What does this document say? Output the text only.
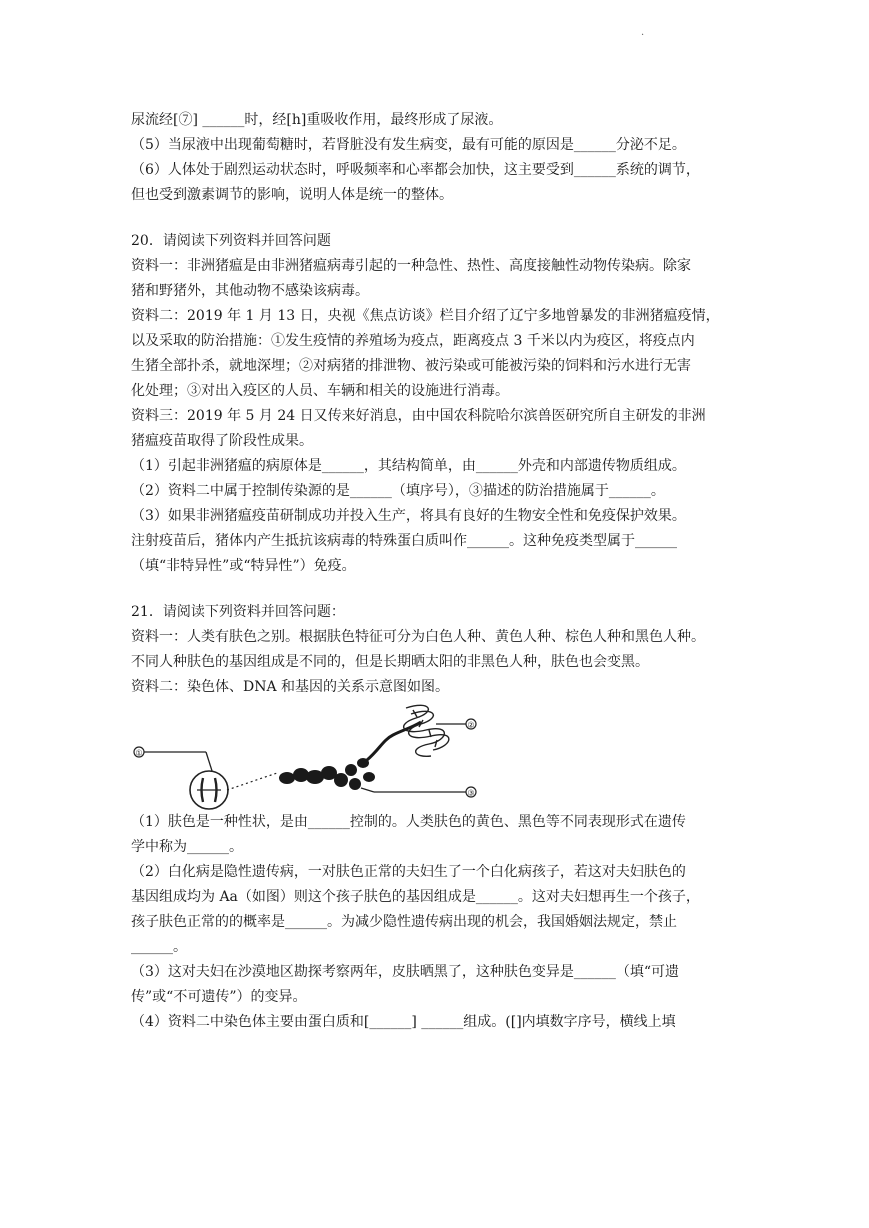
·
尿流经[⑦] ______时，经[h]重吸收作用，最终形成了尿液。
（5）当尿液中出现葡萄糖时，若肾脏没有发生病变，最有可能的原因是______分泌不足。
（6）人体处于剧烈运动状态时，呼吸频率和心率都会加快，这主要受到______系统的调节，
但也受到激素调节的影响，说明人体是统一的整体。
20．请阅读下列资料并回答问题
资料一：非洲猪瘟是由非洲猪瘟病毒引起的一种急性、热性、高度接触性动物传染病。除家
猪和野猪外，其他动物不感染该病毒。
资料二：2019 年 1 月 13 日，央视《焦点访谈》栏目介绍了辽宁多地曾暴发的非洲猪瘟疫情，
以及采取的防治措施：①发生疫情的养殖场为疫点，距离疫点 3 千米以内为疫区，将疫点内
生猪全部扑杀，就地深埋；②对病猪的排泄物、被污染或可能被污染的饲料和污水进行无害
化处理；③对出入疫区的人员、车辆和相关的设施进行消毒。
资料三：2019 年 5 月 24 日又传来好消息，由中国农科院哈尔滨兽医研究所自主研发的非洲
猪瘟疫苗取得了阶段性成果。
（1）引起非洲猪瘟的病原体是______，其结构简单，由______外壳和内部遗传物质组成。
（2）资料二中属于控制传染源的是______（填序号），③描述的防治措施属于______。
（3）如果非洲猪瘟疫苗研制成功并投入生产，将具有良好的生物安全性和免疫保护效果。
注射疫苗后，猪体内产生抵抗该病毒的特殊蛋白质叫作______。这种免疫类型属于______
（填“非特异性”或“特异性”）免疫。
21．请阅读下列资料并回答问题：
资料一：人类有肤色之别。根据肤色特征可分为白色人种、黄色人种、棕色人种和黑色人种。
不同人种肤色的基因组成是不同的，但是长期晒太阳的非黑色人种，肤色也会变黑。
资料二：染色体、DNA 和基因的关系示意图如图。
①
②
③
（1）肤色是一种性状，是由______控制的。人类肤色的黄色、黑色等不同表现形式在遗传
学中称为______。
（2）白化病是隐性遗传病，一对肤色正常的夫妇生了一个白化病孩子，若这对夫妇肤色的
基因组成均为 Aa（如图）则这个孩子肤色的基因组成是______。这对夫妇想再生一个孩子，
孩子肤色正常的的概率是______。为减少隐性遗传病出现的机会，我国婚姻法规定，禁止
______。
（3）这对夫妇在沙漠地区勘探考察两年，皮肤晒黑了，这种肤色变异是______（填“可遗
传”或“不可遗传”）的变异。
（4）资料二中染色体主要由蛋白质和[______] ______组成。([]内填数字序号，横线上填
